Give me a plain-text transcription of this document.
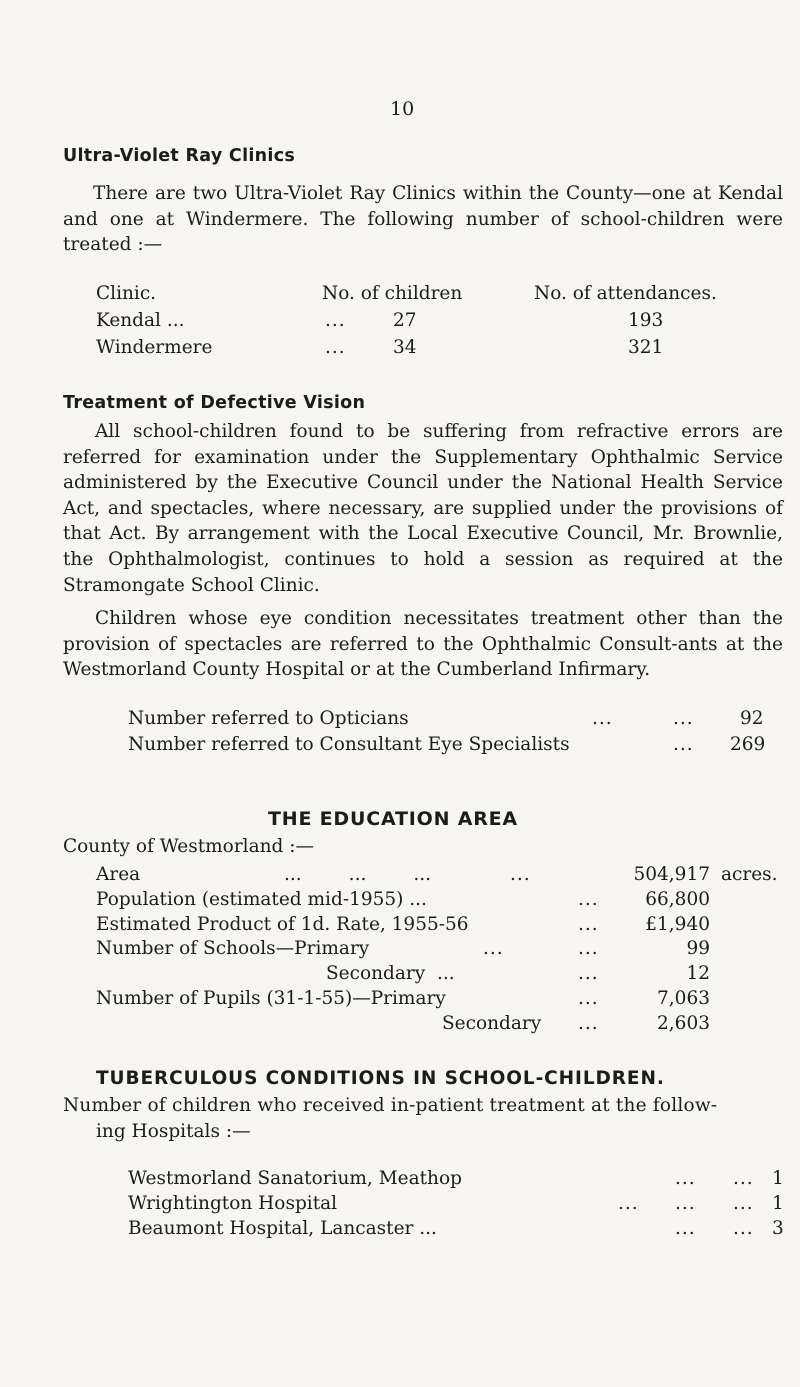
10
Ultra-Violet Ray Clinics
There are two Ultra-Violet Ray Clinics within the County—one at Kendal and one at Windermere. The following number of school-children were treated :—
Clinic.	No. of children	No. of attendances.
Kendal ...	...	27	193
Windermere	...	34	321
Treatment of Defective Vision
All school-children found to be suffering from refractive errors are referred for examination under the Supplementary Ophthalmic Service administered by the Executive Council under the National Health Service Act, and spectacles, where necessary, are supplied under the provisions of that Act. By arrangement with the Local Executive Council, Mr. Brownlie, the Ophthalmologist, continues to hold a session as required at the Stramongate School Clinic.
Children whose eye condition necessitates treatment other than the provision of spectacles are referred to the Ophthalmic Consult-ants at the Westmorland County Hospital or at the Cumberland Infirmary.
Number referred to Opticians	...	...	92
Number referred to Consultant Eye Specialists	... 269
THE EDUCATION AREA
County of Westmorland :—
Area	...        ...        ...	...	504,917 acres.
Population (estimated mid-1955) ...	...	66,800
Estimated Product of 1d. Rate, 1955-56	...	£1,940
Number of Schools—Primary	...	...	99
Secondary  ...	...	12
Number of Pupils (31-1-55)—Primary	...	7,063
Secondary ...	2,603
TUBERCULOUS CONDITIONS IN SCHOOL-CHILDREN.
Number of children who received in-patient treatment at the follow-
ing Hospitals :—
Westmorland Sanatorium, Meathop	... ... 1
Wrightington Hospital	... ... ... 1
Beaumont Hospital, Lancaster ...	... ... 3
